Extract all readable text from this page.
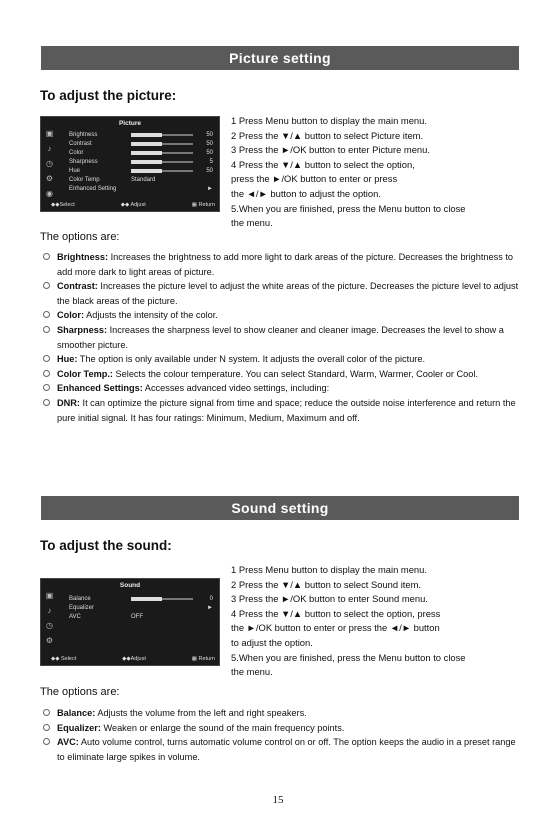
Picture setting
To adjust the picture:
Picture
▣
♪
◷
⚙
◉
Brightness	50
Contrast	50
Color	50
Sharpness	5
Hue	50
Color Temp	Standard
Enhanced Setting	►
◆◆Select	◆◆ Adjust	▦ Return
1 Press Menu button to display the main menu.
2 Press the ▼/▲ button to select Picture item.
3 Press the ►/OK button to enter Picture menu.
4 Press the ▼/▲ button to select the option,
press the ►/OK button to enter or press
the ◄/► button to adjust the option.
5.When you are finished, press the Menu button to close
the menu.
The options are:
Brightness: Increases the brightness to add more light to dark areas of the picture. Decreases the brightness to add more dark to light areas of picture.
Contrast: Increases the picture level to adjust the white areas of the picture. Decreases the picture level to adjust the black areas of the picture.
Color: Adjusts the intensity of the color.
Sharpness: Increases the sharpness level to show cleaner and cleaner image. Decreases the level to show a smoother picture.
Hue: The option is only available under N system. It adjusts the overall color of the picture.
Color Temp.: Selects the colour temperature. You can select Standard, Warm, Warmer, Cooler or Cool.
Enhanced Settings: Accesses advanced video settings, including:
DNR: It can optimize the picture signal from time and space; reduce the outside noise interference and return the pure initial signal. It has four ratings: Minimum, Medium, Maximum and off.
Sound setting
To adjust the sound:
Sound
▣
♪
◷
⚙
Balance	0
Equalizer	►
AVC	OFF
◆◆ Select	◆◆Adjust	▦ Return
1 Press Menu button to display the main menu.
2 Press the ▼/▲ button to select Sound item.
3 Press the ►/OK button to enter Sound menu.
4 Press the ▼/▲ button to select the option, press
the ►/OK button to enter or press the ◄/► button
to adjust the option.
5.When you are finished, press the Menu button to close
the menu.
The options are:
Balance: Adjusts the volume from the left and right speakers.
Equalizer: Weaken or enlarge the sound of the main frequency points.
AVC: Auto volume control, turns automatic volume control on or off. The option keeps the audio in a preset range to eliminate large spikes in volume.
15
